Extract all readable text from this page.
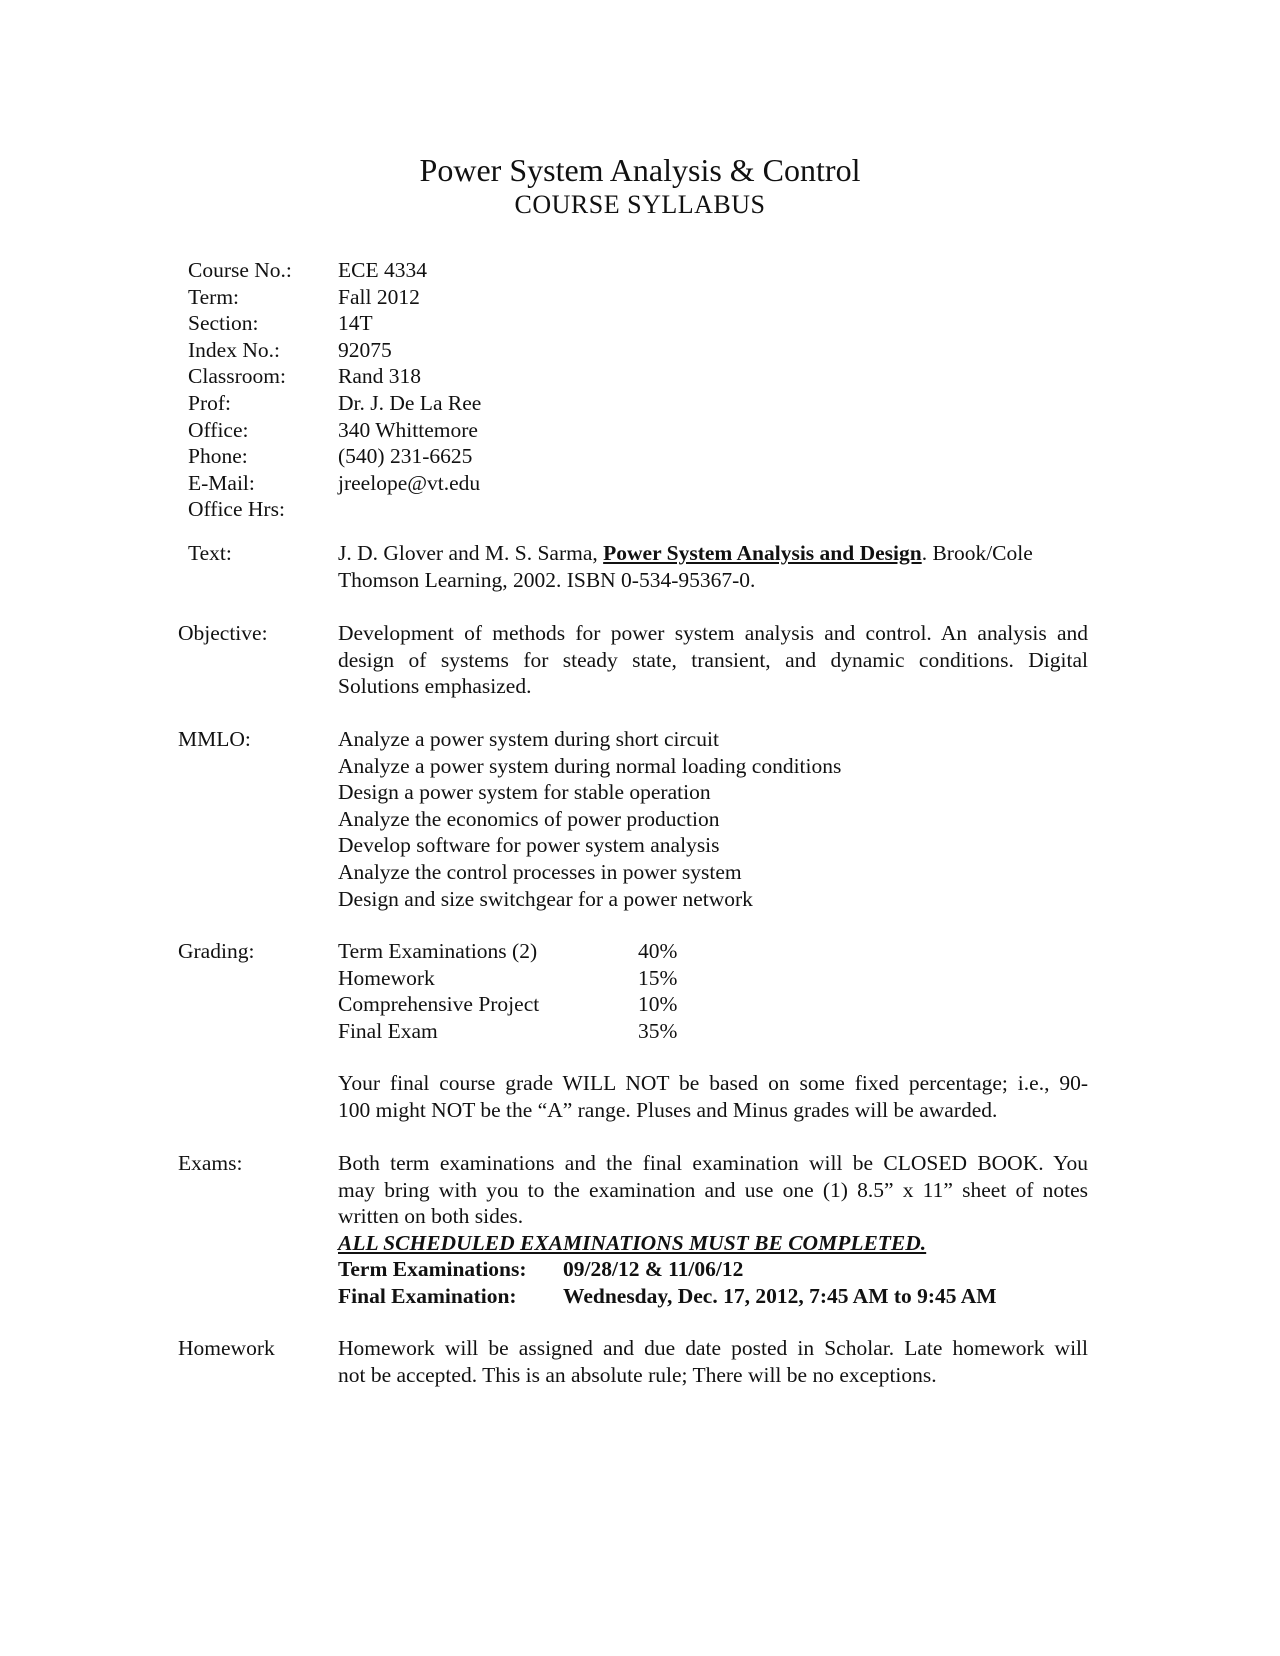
Power System Analysis & Control
COURSE SYLLABUS
Course No.: ECE 4334
Term:	Fall 2012
Section:	14T
Index No.:	92075
Classroom: Rand 318
Prof:	Dr. J. De La Ree
Office:	340 Whittemore
Phone:	(540) 231-6625
E-Mail:	jreelope@vt.edu
Office Hrs:
Text:	J. D. Glover and M. S. Sarma, Power System Analysis and Design. Brook/Cole
Thomson Learning, 2002. ISBN 0-534-95367-0.
Objective:	Development of methods for power system analysis and control. An analysis and
design of systems for steady state, transient, and dynamic conditions. Digital
Solutions emphasized.
MMLO:	Analyze a power system during short circuit
Analyze a power system during normal loading conditions
Design a power system for stable operation
Analyze the economics of power production
Develop software for power system analysis
Analyze the control processes in power system
Design and size switchgear for a power network
Grading:	Term Examinations (2)	40%
Homework	15%
Comprehensive Project	10%
Final Exam	35%
Your final course grade WILL NOT be based on some fixed percentage; i.e., 90-
100 might NOT be the “A” range. Pluses and Minus grades will be awarded.
Exams:	Both term examinations and the final examination will be CLOSED BOOK. You
may bring with you to the examination and use one (1) 8.5” x 11” sheet of notes
written on both sides.
ALL SCHEDULED EXAMINATIONS MUST BE COMPLETED.
Term Examinations: 09/28/12 & 11/06/12
Final Examination: Wednesday, Dec. 17, 2012, 7:45 AM to 9:45 AM
Homework	Homework will be assigned and due date posted in Scholar. Late homework will
not be accepted. This is an absolute rule; There will be no exceptions.
